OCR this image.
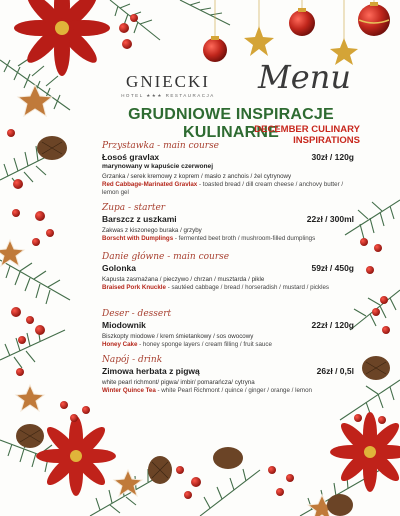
GNIECKI
HOTEL ★★★ RESTAURACJA Menu
GRUDNIOWE INSPIRACJE KULINARNE
DECEMBER CULINARY INSPIRATIONS
Przystawka - main course
Łosoś gravlax	30zł / 120g
marynowany w kapuście czerwonej
Grzanka / serek kremowy z koprem / masło z anchois / żel cytrynowy
Red Cabbage-Marinated Gravlax - toasted bread / dill cream cheese / anchovy butter / lemon gel
Zupa - starter
Barszcz z uszkami	22zł / 300ml
Zakwas z kiszonego buraka / grzyby
Borscht with Dumplings - fermented beet broth / mushroom-filled dumplings
Danie główne - main course
Golonka	59zł / 450g
Kapusta zasmażana / pieczywo / chrzan / musztarda / pikle
Braised Pork Knuckle - sautéed cabbage / bread / horseradish / mustard / pickles
Deser - dessert
Miodownik	22zł / 120g
Biszkopty miodowe / krem śmietankowy / sos owocowy
Honey Cake - honey sponge layers / cream filling / fruit sauce
Napój - drink
Zimowa herbata z pigwą	26zł / 0,5l
white pearl richmont/ pigwa/ imbir/ pomarańcza/ cytryna
Winter Quince Tea - white Pearl Richmont / quince / ginger / orange / lemon
